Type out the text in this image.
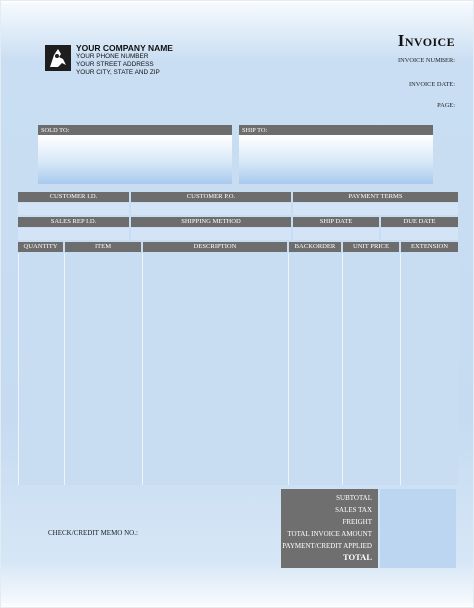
YOUR COMPANY NAME
YOUR PHONE NUMBER
YOUR STREET ADDRESS
YOUR CITY, STATE AND ZIP
INVOICE
INVOICE NUMBER:
INVOICE DATE:
PAGE:
SOLD TO:	SHIP TO:
CUSTOMER I.D.	CUSTOMER P.O.	PAYMENT TERMS
SALES REP I.D.	SHIPPING METHOD	SHIP DATE	DUE DATE
QUANTITY	ITEM	DESCRIPTION	BACKORDER	UNIT PRICE	EXTENSION
CHECK/CREDIT MEMO NO.:
SUBTOTAL
SALES TAX
FREIGHT
TOTAL INVOICE AMOUNT
PAYMENT/CREDIT APPLIED
TOTAL
